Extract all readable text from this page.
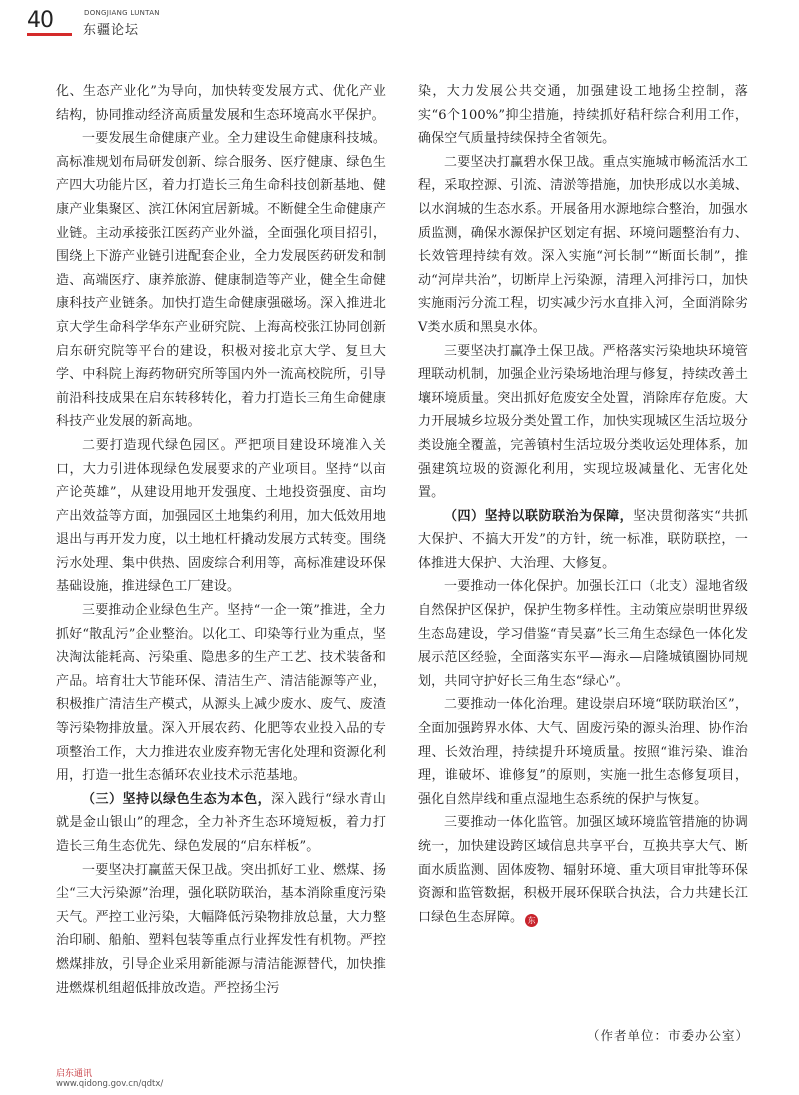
40	DONGJIANG LUNTAN
东疆论坛

化、生态产业化”为导向，加快转变发展方式、优化产业结构，协同推动经济高质量发展和生态环境高水平保护。

一要发展生命健康产业。全力建设生命健康科技城。高标准规划布局研发创新、综合服务、医疗健康、绿色生产四大功能片区，着力打造长三角生命科技创新基地、健康产业集聚区、滨江休闲宜居新城。不断健全生命健康产业链。主动承接张江医药产业外溢，全面强化项目招引，围绕上下游产业链引进配套企业，全力发展医药研发和制造、高端医疗、康养旅游、健康制造等产业，健全生命健康科技产业链条。加快打造生命健康强磁场。深入推进北京大学生命科学华东产业研究院、上海高校张江协同创新启东研究院等平台的建设，积极对接北京大学、复旦大学、中科院上海药物研究所等国内外一流高校院所，引导前沿科技成果在启东转移转化，着力打造长三角生命健康科技产业发展的新高地。

二要打造现代绿色园区。严把项目建设环境准入关口，大力引进体现绿色发展要求的产业项目。坚持“以亩产论英雄”，从建设用地开发强度、土地投资强度、亩均产出效益等方面，加强园区土地集约利用，加大低效用地退出与再开发力度，以土地杠杆撬动发展方式转变。围绕污水处理、集中供热、固废综合利用等，高标准建设环保基础设施，推进绿色工厂建设。

三要推动企业绿色生产。坚持“一企一策”推进，全力抓好“散乱污”企业整治。以化工、印染等行业为重点，坚决淘汰能耗高、污染重、隐患多的生产工艺、技术装备和产品。培育壮大节能环保、清洁生产、清洁能源等产业，积极推广清洁生产模式，从源头上减少废水、废气、废渣等污染物排放量。深入开展农药、化肥等农业投入品的专项整治工作，大力推进农业废弃物无害化处理和资源化利用，打造一批生态循环农业技术示范基地。

（三）坚持以绿色生态为本色，深入践行“绿水青山就是金山银山”的理念，全力补齐生态环境短板，着力打造长三角生态优先、绿色发展的“启东样板”。

一要坚决打赢蓝天保卫战。突出抓好工业、燃煤、扬尘“三大污染源”治理，强化联防联治，基本消除重度污染天气。严控工业污染，大幅降低污染物排放总量，大力整治印刷、船舶、塑料包装等重点行业挥发性有机物。严控燃煤排放，引导企业采用新能源与清洁能源替代，加快推进燃煤机组超低排放改造。严控扬尘污

染，大力发展公共交通，加强建设工地扬尘控制，落实“6个100%”抑尘措施，持续抓好秸秆综合利用工作，确保空气质量持续保持全省领先。

二要坚决打赢碧水保卫战。重点实施城市畅流活水工程，采取控源、引流、清淤等措施，加快形成以水美城、以水润城的生态水系。开展备用水源地综合整治，加强水质监测，确保水源保护区划定有据、环境问题整治有力、长效管理持续有效。深入实施“河长制”“断面长制”，推动“河岸共治”，切断岸上污染源，清理入河排污口，加快实施雨污分流工程，切实减少污水直排入河，全面消除劣Ⅴ类水质和黑臭水体。

三要坚决打赢净土保卫战。严格落实污染地块环境管理联动机制，加强企业污染场地治理与修复，持续改善土壤环境质量。突出抓好危废安全处置，消除库存危废。大力开展城乡垃圾分类处置工作，加快实现城区生活垃圾分类设施全覆盖，完善镇村生活垃圾分类收运处理体系，加强建筑垃圾的资源化利用，实现垃圾减量化、无害化处置。

（四）坚持以联防联治为保障，坚决贯彻落实“共抓大保护、不搞大开发”的方针，统一标准，联防联控，一体推进大保护、大治理、大修复。

一要推动一体化保护。加强长江口（北支）湿地省级自然保护区保护，保护生物多样性。主动策应崇明世界级生态岛建设，学习借鉴“青吴嘉”长三角生态绿色一体化发展示范区经验，全面落实东平—海永—启隆城镇圈协同规划，共同守护好长三角生态“绿心”。

二要推动一体化治理。建设崇启环境“联防联治区”，全面加强跨界水体、大气、固废污染的源头治理、协作治理、长效治理，持续提升环境质量。按照“谁污染、谁治理，谁破坏、谁修复”的原则，实施一批生态修复项目，强化自然岸线和重点湿地生态系统的保护与恢复。

三要推动一体化监管。加强区域环境监管措施的协调统一，加快建设跨区域信息共享平台，互换共享大气、断面水质监测、固体废物、辐射环境、重大项目审批等环保资源和监管数据，积极开展环保联合执法，合力共建长江口绿色生态屏障。 东

（作者单位：市委办公室）
启东通讯
www.qidong.gov.cn/qdtx/
